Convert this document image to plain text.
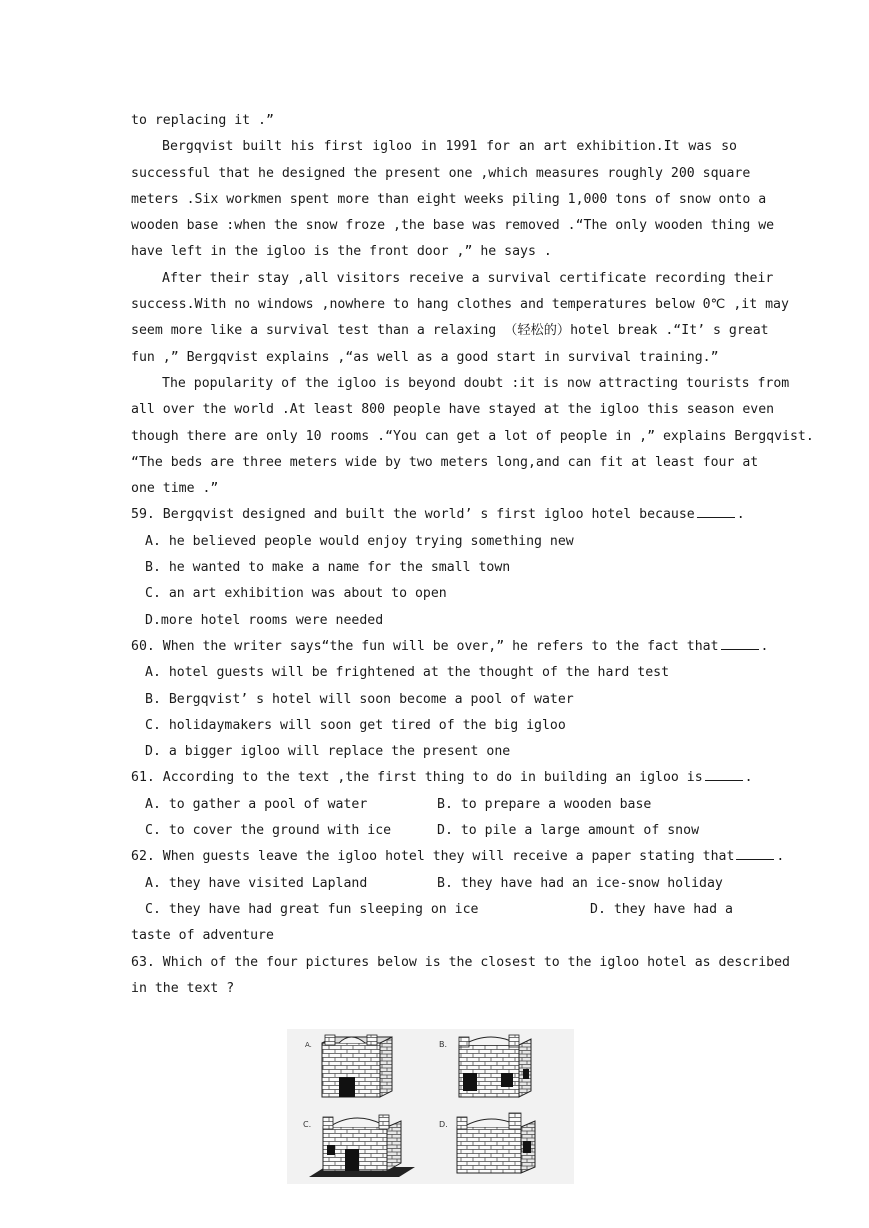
to replacing it .”
Bergqvist built his first igloo in 1991 for an art exhibition.It was so
successful that he designed the present one ,which measures roughly 200 square
meters .Six workmen spent more than eight weeks piling 1,000 tons of snow onto a
wooden base :when the snow froze ,the base was removed .“The only wooden thing we
have left in the igloo is the front door ,” he says .
After their stay ,all visitors receive a survival certificate recording their
success.With no windows ,nowhere to hang clothes and temperatures below 0℃ ,it may
seem more like a survival test than a relaxing （轻松的）hotel break .“It’ s great
fun ,” Bergqvist explains ,“as well as a good start in survival training.”
The popularity of the igloo is beyond doubt :it is now attracting tourists from
all over the world .At least 800 people have stayed at the igloo this season even
though there are only 10 rooms .“You can get a lot of people in ,” explains Bergqvist.
“The beds are three meters wide by two meters long,and can fit at least four at
one time .”
59. Bergqvist designed and built the world’ s first igloo hotel because	.
A. he believed people would enjoy trying something new
B. he wanted to make a name for the small town
C. an art exhibition was about to open
D.more hotel rooms were needed
60. When the writer says“the fun will be over,” he refers to the fact that	.
A. hotel guests will be frightened at the thought of the hard test
B. Bergqvist’ s hotel will soon become a pool of water
C. holidaymakers will soon get tired of the big igloo
D. a bigger igloo will replace the present one
61. According to the text ,the first thing to do in building an igloo is	.
A. to gather a pool of water	B. to prepare a wooden base
C. to cover the ground with ice	D. to pile a large amount of snow
62. When guests leave the igloo hotel they will receive a paper stating that	.
A. they have visited Lapland	B. they have had an ice-snow holiday
C. they have had great fun sleeping on ice	D. they have had a
taste of adventure
63. Which of the four pictures below is the closest to the igloo hotel as described
in the text ?
A.	B.
C.	D.
